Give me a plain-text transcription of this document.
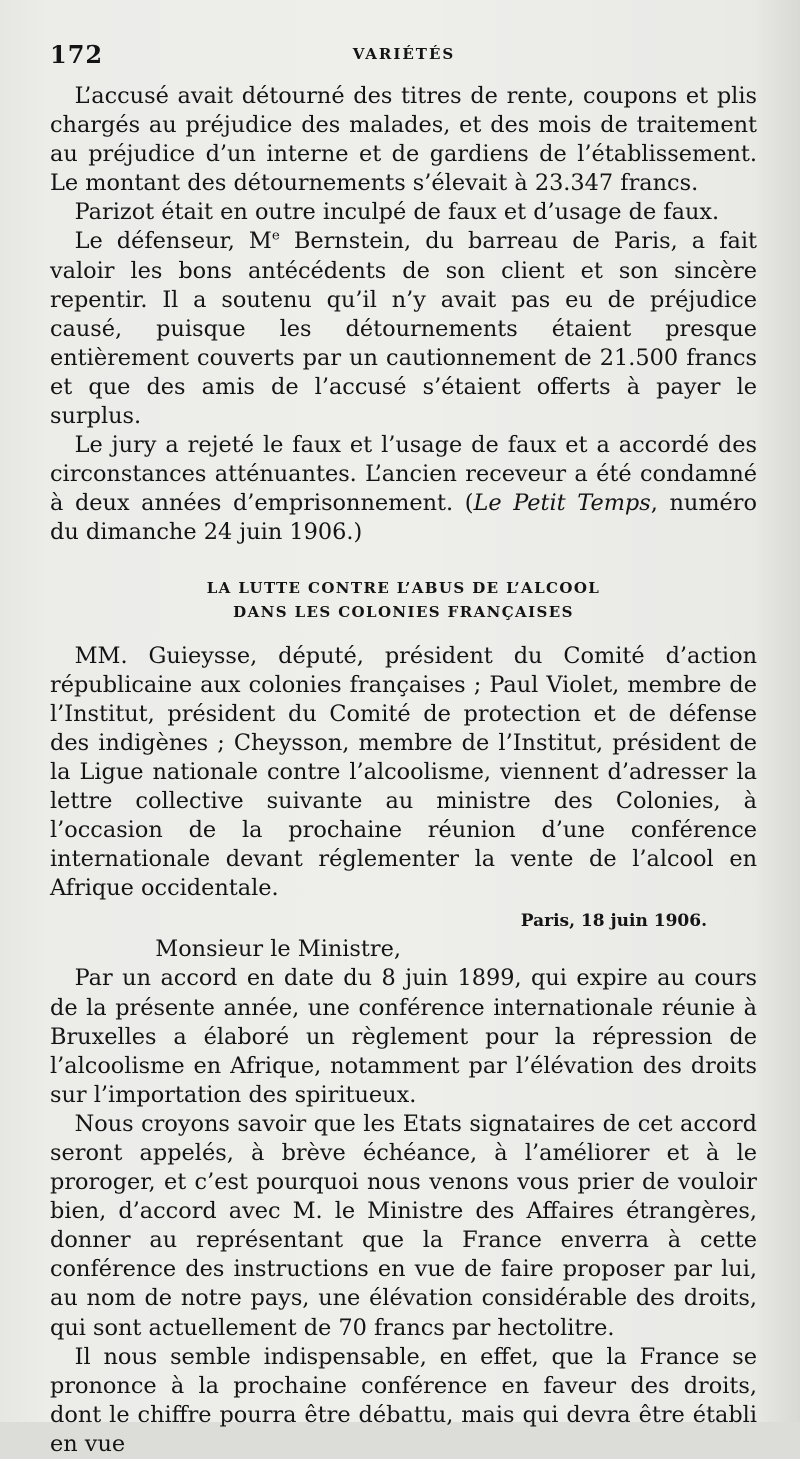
172	VARIÉTÉS

L’accusé avait détourné des titres de rente, coupons et plis chargés au préjudice des malades, et des mois de traitement au préjudice d’un interne et de gardiens de l’établissement. Le montant des détournements s’élevait à 23.347 francs.

Parizot était en outre inculpé de faux et d’usage de faux.

Le défenseur, Me Bernstein, du barreau de Paris, a fait valoir les bons antécédents de son client et son sincère repentir. Il a soutenu qu’il n’y avait pas eu de préjudice causé, puisque les détournements étaient presque entièrement couverts par un cautionnement de 21.500 francs et que des amis de l’accusé s’étaient offerts à payer le surplus.

Le jury a rejeté le faux et l’usage de faux et a accordé des circonstances atténuantes. L’ancien receveur a été condamné à deux années d’emprisonnement. (Le Petit Temps, numéro du dimanche 24 juin 1906.)

LA LUTTE CONTRE L’ABUS DE L’ALCOOL
DANS LES COLONIES FRANÇAISES

MM. Guieysse, député, président du Comité d’action républicaine aux colonies françaises ; Paul Violet, membre de l’Institut, président du Comité de protection et de défense des indigènes ; Cheysson, membre de l’Institut, président de la Ligue nationale contre l’alcoolisme, viennent d’adresser la lettre collective suivante au ministre des Colonies, à l’occasion de la prochaine réunion d’une conférence internationale devant réglementer la vente de l’alcool en Afrique occidentale.

Paris, 18 juin 1906.

Monsieur le Ministre,

Par un accord en date du 8 juin 1899, qui expire au cours de la présente année, une conférence internationale réunie à Bruxelles a élaboré un règlement pour la répression de l’alcoolisme en Afrique, notamment par l’élévation des droits sur l’importation des spiritueux.

Nous croyons savoir que les Etats signataires de cet accord seront appelés, à brève échéance, à l’améliorer et à le proroger, et c’est pourquoi nous venons vous prier de vouloir bien, d’accord avec M. le Ministre des Affaires étrangères, donner au représentant que la France enverra à cette conférence des instructions en vue de faire proposer par lui, au nom de notre pays, une élévation considérable des droits, qui sont actuellement de 70 francs par hectolitre.

Il nous semble indispensable, en effet, que la France se prononce à la prochaine conférence en faveur des droits, dont le chiffre pourra être débattu, mais qui devra être établi en vue
